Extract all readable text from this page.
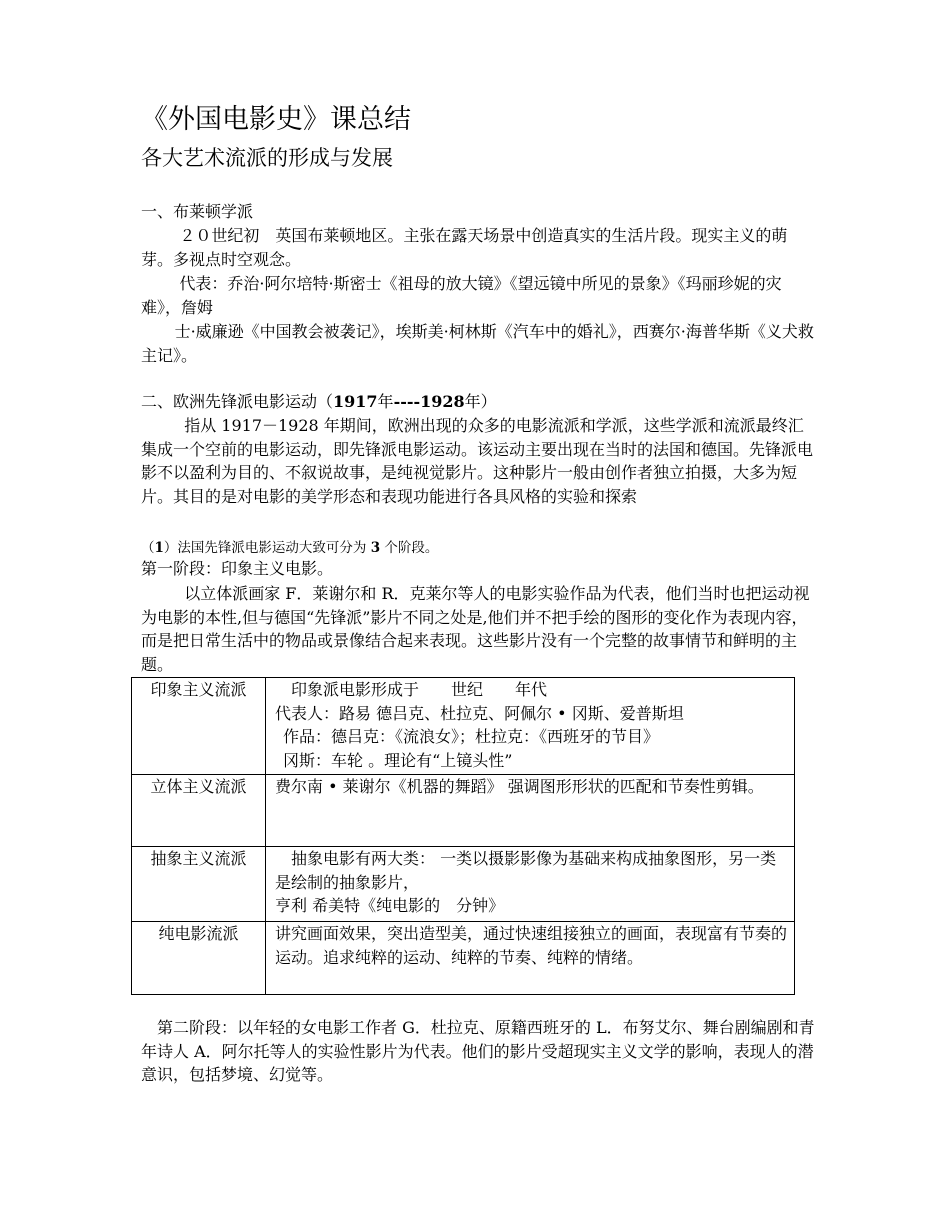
《外国电影史》课总结
各大艺术流派的形成与发展
一、布莱顿学派
２０世纪初　英国布莱顿地区。主张在露天场景中创造真实的生活片段。现实主义的萌芽。多视点时空观念。
代表：乔治·阿尔培特·斯密士《祖母的放大镜》《望远镜中所见的景象》《玛丽珍妮的灾难》，詹姆
士·威廉逊《中国教会被袭记》，埃斯美·柯林斯《汽车中的婚礼》，西赛尔·海普华斯《义犬救主记》。
二、欧洲先锋派电影运动（1917年----1928年）
指从 1917－1928 年期间，欧洲出现的众多的电影流派和学派，这些学派和流派最终汇集成一个空前的电影运动，即先锋派电影运动。该运动主要出现在当时的法国和德国。先锋派电影不以盈利为目的、不叙说故事，是纯视觉影片。这种影片一般由创作者独立拍摄，大多为短片。其目的是对电影的美学形态和表现功能进行各具风格的实验和探索
（1）法国先锋派电影运动大致可分为 3 个阶段。
第一阶段：印象主义电影。
以立体派画家 F．莱谢尔和 R．克莱尔等人的电影实验作品为代表，他们当时也把运动视为电影的本性,但与德国“先锋派”影片不同之处是,他们并不把手绘的图形的变化作为表现内容，而是把日常生活中的物品或景像结合起来表现。这些影片没有一个完整的故事情节和鲜明的主题。
印象主义流派	印象派电影形成于　　世纪　　年代
代表人：路易 德吕克、杜拉克、阿佩尔 • 冈斯、爱普斯坦
作品：德吕克：《流浪女》；杜拉克：《西班牙的节目》
冈斯：车轮 。理论有“上镜头性”

立体主义流派	费尔南 • 莱谢尔《机器的舞蹈》 强调图形形状的匹配和节奏性剪辑。
抽象主义流派	抽象电影有两大类： 一类以摄影影像为基础来构成抽象图形，另一类是绘制的抽象影片，
亨利 希美特《纯电影的　分钟》

纯电影流派	讲究画面效果，突出造型美，通过快速组接独立的画面，表现富有节奏的运动。追求纯粹的运动、纯粹的节奏、纯粹的情绪。
第二阶段：以年轻的女电影工作者 G．杜拉克、原籍西班牙的 L．布努艾尔、舞台剧编剧和青年诗人 A．阿尔托等人的实验性影片为代表。他们的影片受超现实主义文学的影响，表现人的潜意识，包括梦境、幻觉等。
